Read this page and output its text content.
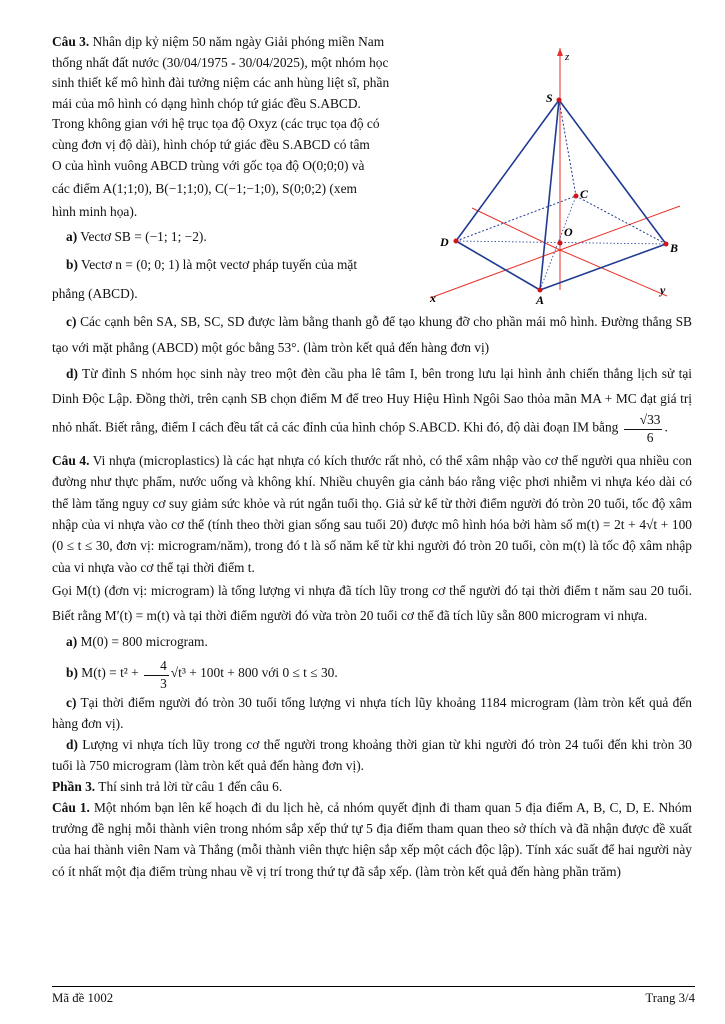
Câu 3. Nhân dịp kỷ niệm 50 năm ngày Giải phóng miền Nam

thống nhất đất nước (30/04/1975 - 30/04/2025), một nhóm học

sinh thiết kế mô hình đài tưởng niệm các anh hùng liệt sĩ, phần

mái của mô hình có dạng hình chóp tứ giác đều S.ABCD.

Trong không gian với hệ trục tọa độ Oxyz (các trục tọa độ có

cùng đơn vị độ dài), hình chóp tứ giác đều S.ABCD có tâm

O của hình vuông ABCD trùng với gốc tọa độ O(0;0;0) và

các điểm A(1;1;0), B(−1;1;0), C(−1;−1;0), S(0;0;2) (xem

hình minh họa).

a) Vectơ SB = (−1; 1; −2).

b) Vectơ n = (0; 0; 1) là một vectơ pháp tuyến của mặt

phẳng (ABCD).

c) Các cạnh bên SA, SB, SC, SD được làm bằng thanh gỗ để tạo khung đỡ cho phần mái mô hình. Đường thẳng SB tạo với mặt phẳng (ABCD) một góc bằng 53°. (làm tròn kết quả đến hàng đơn vị)

d) Từ đỉnh S nhóm học sinh này treo một đèn cầu pha lê tâm I, bên trong lưu lại hình ảnh chiến thắng lịch sử tại Dinh Độc Lập. Đồng thời, trên cạnh SB chọn điểm M để treo Huy Hiệu Hình Ngôi Sao thỏa mãn MA + MC đạt giá trị nhỏ nhất. Biết rằng, điểm I cách đều tất cả các đỉnh của hình chóp S.ABCD. Khi đó, độ dài đoạn IM bằng $\frac{√33}{6}$ .

Câu 4. Vi nhựa (microplastics) là các hạt nhựa có kích thước rất nhỏ, có thể xâm nhập vào cơ thể người qua nhiều con đường như thực phẩm, nước uống và không khí. Nhiều chuyên gia cảnh báo rằng việc phơi nhiễm vi nhựa kéo dài có thể làm tăng nguy cơ suy giảm sức khỏe và rút ngắn tuổi thọ. Giả sử kể từ thời điểm người đó tròn 20 tuổi, tốc độ xâm nhập của vi nhựa vào cơ thể (tính theo thời gian sống sau tuổi 20) được mô hình hóa bởi hàm số m(t) = 2t + 4√t + 100 (0 ≤ t ≤ 30, đơn vị: microgram/năm), trong đó t là số năm kể từ khi người đó tròn 20 tuổi, còn m(t) là tốc độ xâm nhập của vi nhựa vào cơ thể tại thời điểm t.

Gọi M(t) (đơn vị: microgram) là tổng lượng vi nhựa đã tích lũy trong cơ thể người đó tại thời điểm t năm sau 20 tuổi. Biết rằng M′(t) = m(t) và tại thời điểm người đó vừa tròn 20 tuổi cơ thể đã tích lũy sẵn 800 microgram vi nhựa.

a) M(0) = 800 microgram.

b) $M(t) = t^2 + \frac{4}{3} √t^3 + 100t + 800$ với 0 ≤ t ≤ 30.

c) Tại thời điểm người đó tròn 30 tuổi tổng lượng vi nhựa tích lũy khoảng 1184 microgram (làm tròn kết quả đến hàng đơn vị).

d) Lượng vi nhựa tích lũy trong cơ thể người trong khoảng thời gian từ khi người đó tròn 24 tuổi đến khi tròn 30 tuổi là 750 microgram (làm tròn kết quả đến hàng đơn vị).

Phần 3. Thí sinh trả lời từ câu 1 đến câu 6.

Câu 1. Một nhóm bạn lên kế hoạch đi du lịch hè, cả nhóm quyết định đi tham quan 5 địa điểm A, B, C, D, E. Nhóm trưởng đề nghị mỗi thành viên trong nhóm sắp xếp thứ tự 5 địa điểm tham quan theo sở thích và đã nhận được đề xuất của hai thành viên Nam và Thắng (mỗi thành viên thực hiện sắp xếp một cách độc lập). Tính xác suất để hai người này có ít nhất một địa điểm trùng nhau về vị trí trong thứ tự đã sắp xếp. (làm tròn kết quả đến hàng phần trăm)

z
S
C
O
D	B
A
x
y
Mã đề 1002	Trang 3/4
